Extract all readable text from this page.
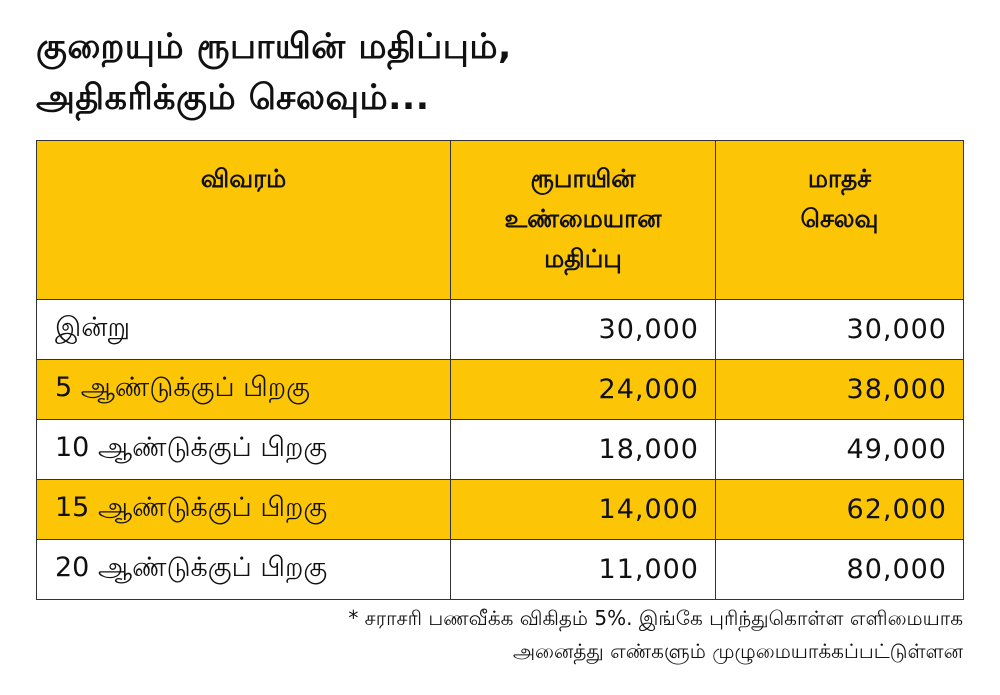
குறையும் ரூபாயின் மதிப்பும்,
அதிகரிக்கும் செலவும்...
விவரம்	ரூபாயின்
உண்மையான
மதிப்பு	மாதச்
செலவு

இன்று	30,000	30,000
5 ஆண்டுக்குப் பிறகு	24,000	38,000
10 ஆண்டுக்குப் பிறகு	18,000	49,000
15 ஆண்டுக்குப் பிறகு	14,000	62,000
20 ஆண்டுக்குப் பிறகு	11,000	80,000
* சராசரி பணவீக்க விகிதம் 5%. இங்கே புரிந்துகொள்ள எளிமையாக
அனைத்து எண்களும் முழுமையாக்கப்பட்டுள்ளன
